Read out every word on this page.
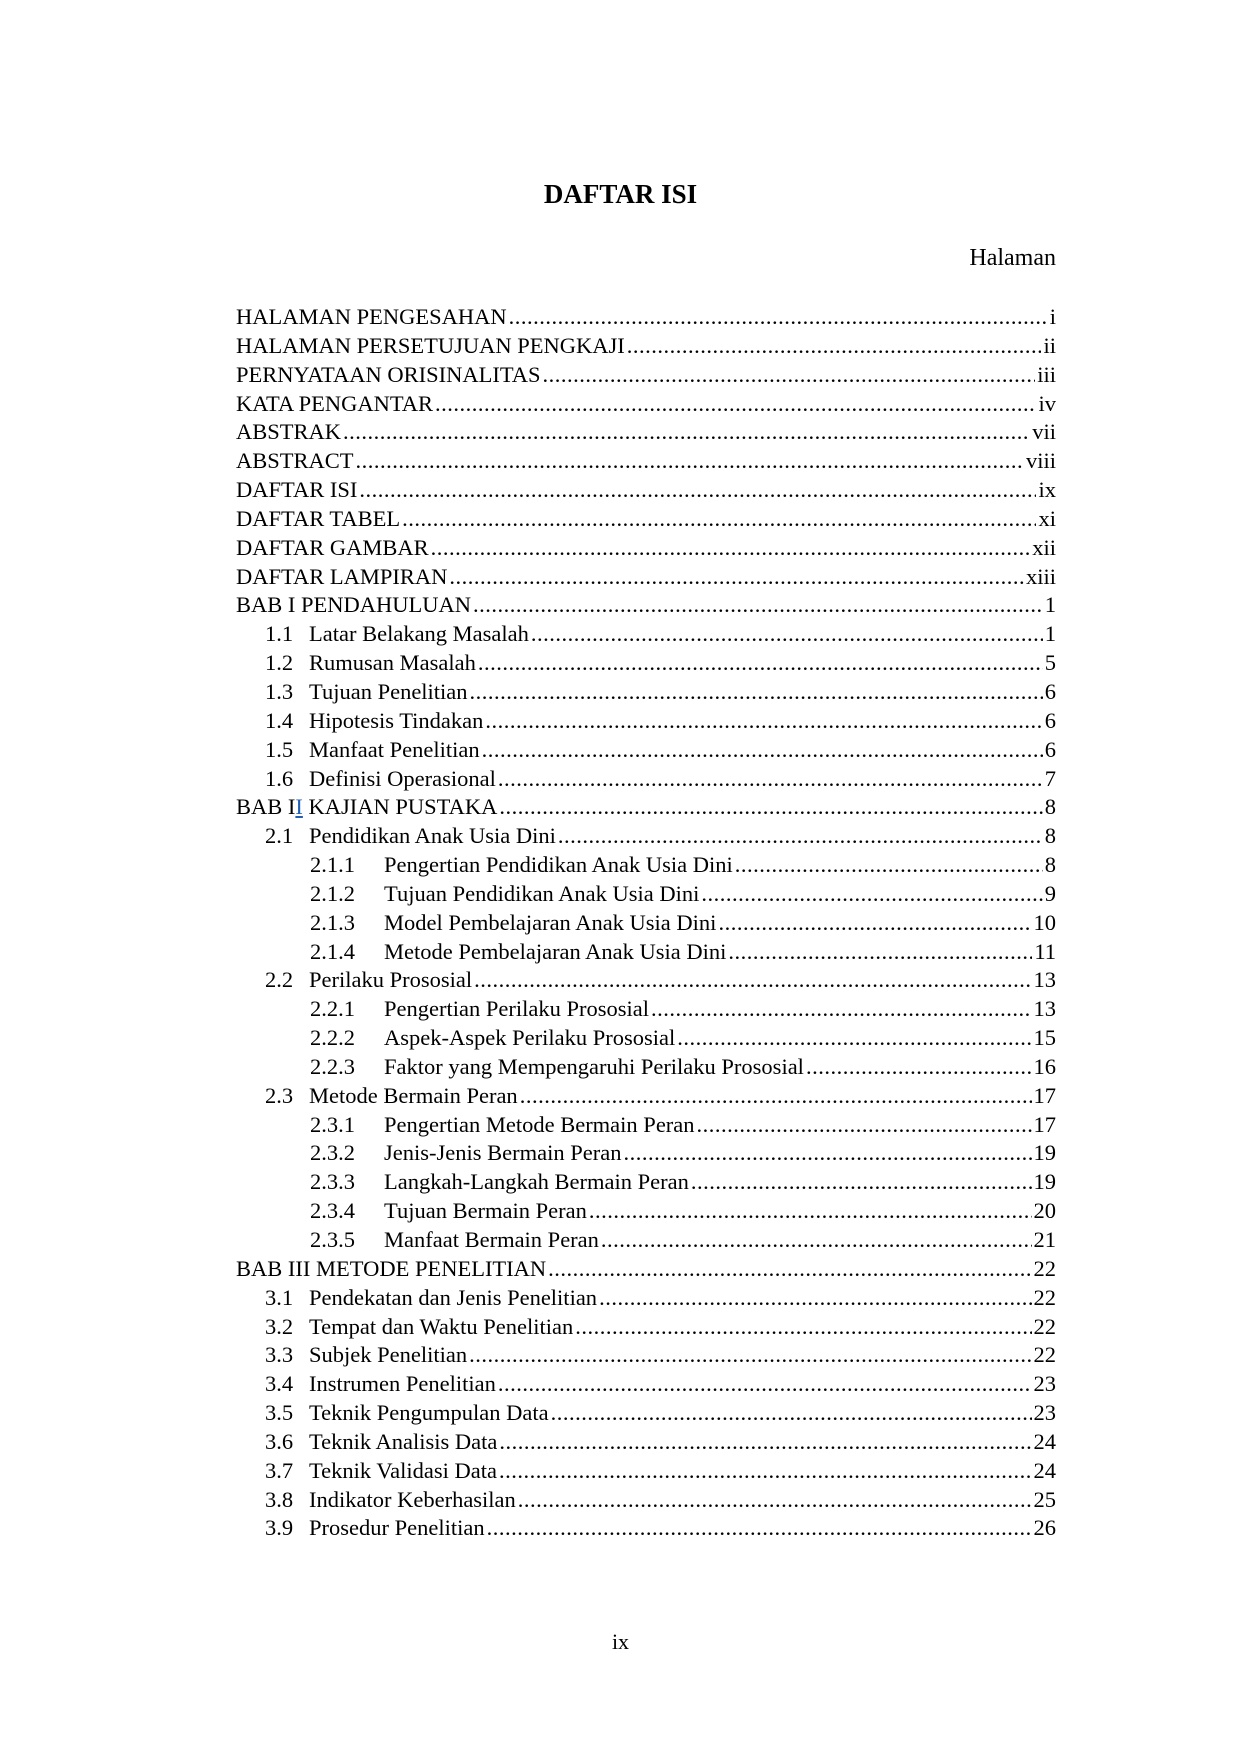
DAFTAR ISI
Halaman
HALAMAN PENGESAHAN .....	i
HALAMAN PERSETUJUAN PENGKAJI .....	ii
PERNYATAAN ORISINALITAS .....	iii
KATA PENGANTAR .....	iv
ABSTRAK .....	vii
ABSTRACT .....	viii
DAFTAR ISI .....	ix
DAFTAR TABEL .....	xi
DAFTAR GAMBAR .....	xii
DAFTAR LAMPIRAN .....	xiii
BAB I PENDAHULUAN .....	1
1.1 Latar Belakang Masalah .....	1
1.2 Rumusan Masalah .....	5
1.3 Tujuan Penelitian .....	6
1.4 Hipotesis Tindakan .....	6
1.5 Manfaat Penelitian .....	6
1.6 Definisi Operasional .....	7
BAB II KAJIAN PUSTAKA .....	8
2.1 Pendidikan Anak Usia Dini .....	8
2.1.1 Pengertian Pendidikan Anak Usia Dini .....	8
2.1.2 Tujuan Pendidikan Anak Usia Dini .....	9
2.1.3 Model Pembelajaran Anak Usia Dini .....	10
2.1.4 Metode Pembelajaran Anak Usia Dini .....	11
2.2 Perilaku Prososial .....	13
2.2.1 Pengertian Perilaku Prososial .....	13
2.2.2 Aspek-Aspek Perilaku Prososial .....	15
2.2.3 Faktor yang Mempengaruhi Perilaku Prososial .....	16
2.3 Metode Bermain Peran .....	17
2.3.1 Pengertian Metode Bermain Peran .....	17
2.3.2 Jenis-Jenis Bermain Peran .....	19
2.3.3 Langkah-Langkah Bermain Peran .....	19
2.3.4 Tujuan Bermain Peran .....	20
2.3.5 Manfaat Bermain Peran .....	21
BAB III METODE PENELITIAN .....	22
3.1 Pendekatan dan Jenis Penelitian .....	22
3.2 Tempat dan Waktu Penelitian .....	22
3.3 Subjek Penelitian .....	22
3.4 Instrumen Penelitian .....	23
3.5 Teknik Pengumpulan Data .....	23
3.6 Teknik Analisis Data .....	24
3.7 Teknik Validasi Data .....	24
3.8 Indikator Keberhasilan .....	25
3.9 Prosedur Penelitian .....	26
ix
